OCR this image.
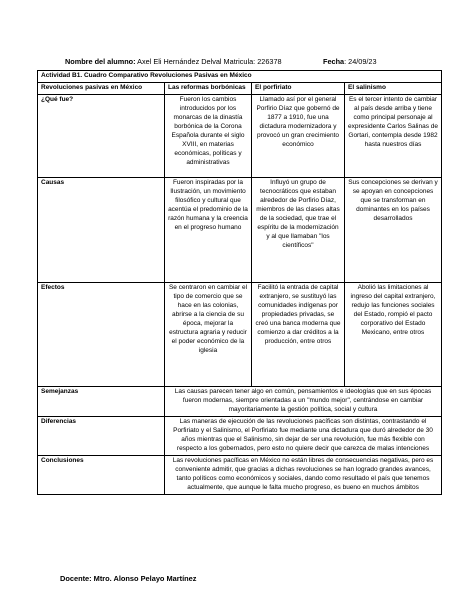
Nombre del alumno: Axel Eli Hernández Delval Matricula: 226378	Fecha: 24/09/23
Actividad B1. Cuadro Comparativo Revoluciones Pasivas en México			
Revoluciones pasivas en México	Las reformas borbónicas	El porfiriato	El salinismo
¿Qué fue?	Fueron los cambios introducidos por los monarcas de la dinastía borbónica de la Corona Española durante el siglo XVIII, en materias económicas, políticas y administrativas	Llamado así por el general Porfirio Díaz que gobernó de 1877 a 1910, fue una dictadura modernizadora y provocó un gran crecimiento económico	Es el tercer intento de cambiar al país desde arriba y tiene como principal personaje al expresidente Carlos Salinas de Gortari, contempla desde 1982 hasta nuestros días
Causas	Fueron inspiradas por la Ilustración, un movimiento filosófico y cultural que acentúa el predominio de la razón humana y la creencia en el progreso humano	Influyó un grupo de tecnocráticos que estaban alrededor de Porfirio Díaz, miembros de las clases altas de la sociedad, que trae el espíritu de la modernización y al que llamaban "los científicos"	Sus concepciones se derivan y se apoyan en concepciones que se transforman en dominantes en los países desarrollados
Efectos	Se centraron en cambiar el tipo de comercio que se hace en las colonias, abrirse a la ciencia de su época, mejorar la estructura agraria y reducir el poder económico de la iglesia	Facilitó la entrada de capital extranjero, se sustituyó las comunidades indígenas por propiedades privadas, se creó una banca moderna que comienzo a dar créditos a la producción, entre otros	Abolió las limitaciones al ingreso del capital extranjero, redujo las funciones sociales del Estado, rompió el pacto corporativo del Estado Mexicano, entre otros
Semejanzas	Las causas parecen tener algo en común, pensamientos e ideologías que en sus épocas fueron modernas, siempre orientadas a un "mundo mejor", centrándose en cambiar mayoritariamente la gestión política, social y cultura		
Diferencias	Las maneras de ejecución de las revoluciones pacíficas son distintas, contrastando el Porfiriato y el Salinismo, el Porfiriato fue mediante una dictadura que duró alrededor de 30 años mientras que el Salinismo, sin dejar de ser una revolución, fue más flexible con respecto a los gobernados, pero esto no quiere decir que carezca de malas intenciones		
Conclusiones	Las revoluciones pacíficas en México no están libres de consecuencias negativas, pero es conveniente admitir, que gracias a dichas revoluciones se han logrado grandes avances, tanto políticos como económicos y sociales, dando como resultado el país que tenemos actualmente, que aunque le falta mucho progreso, es bueno en muchos ámbitos		
Docente: Mtro. Alonso Pelayo Martínez
